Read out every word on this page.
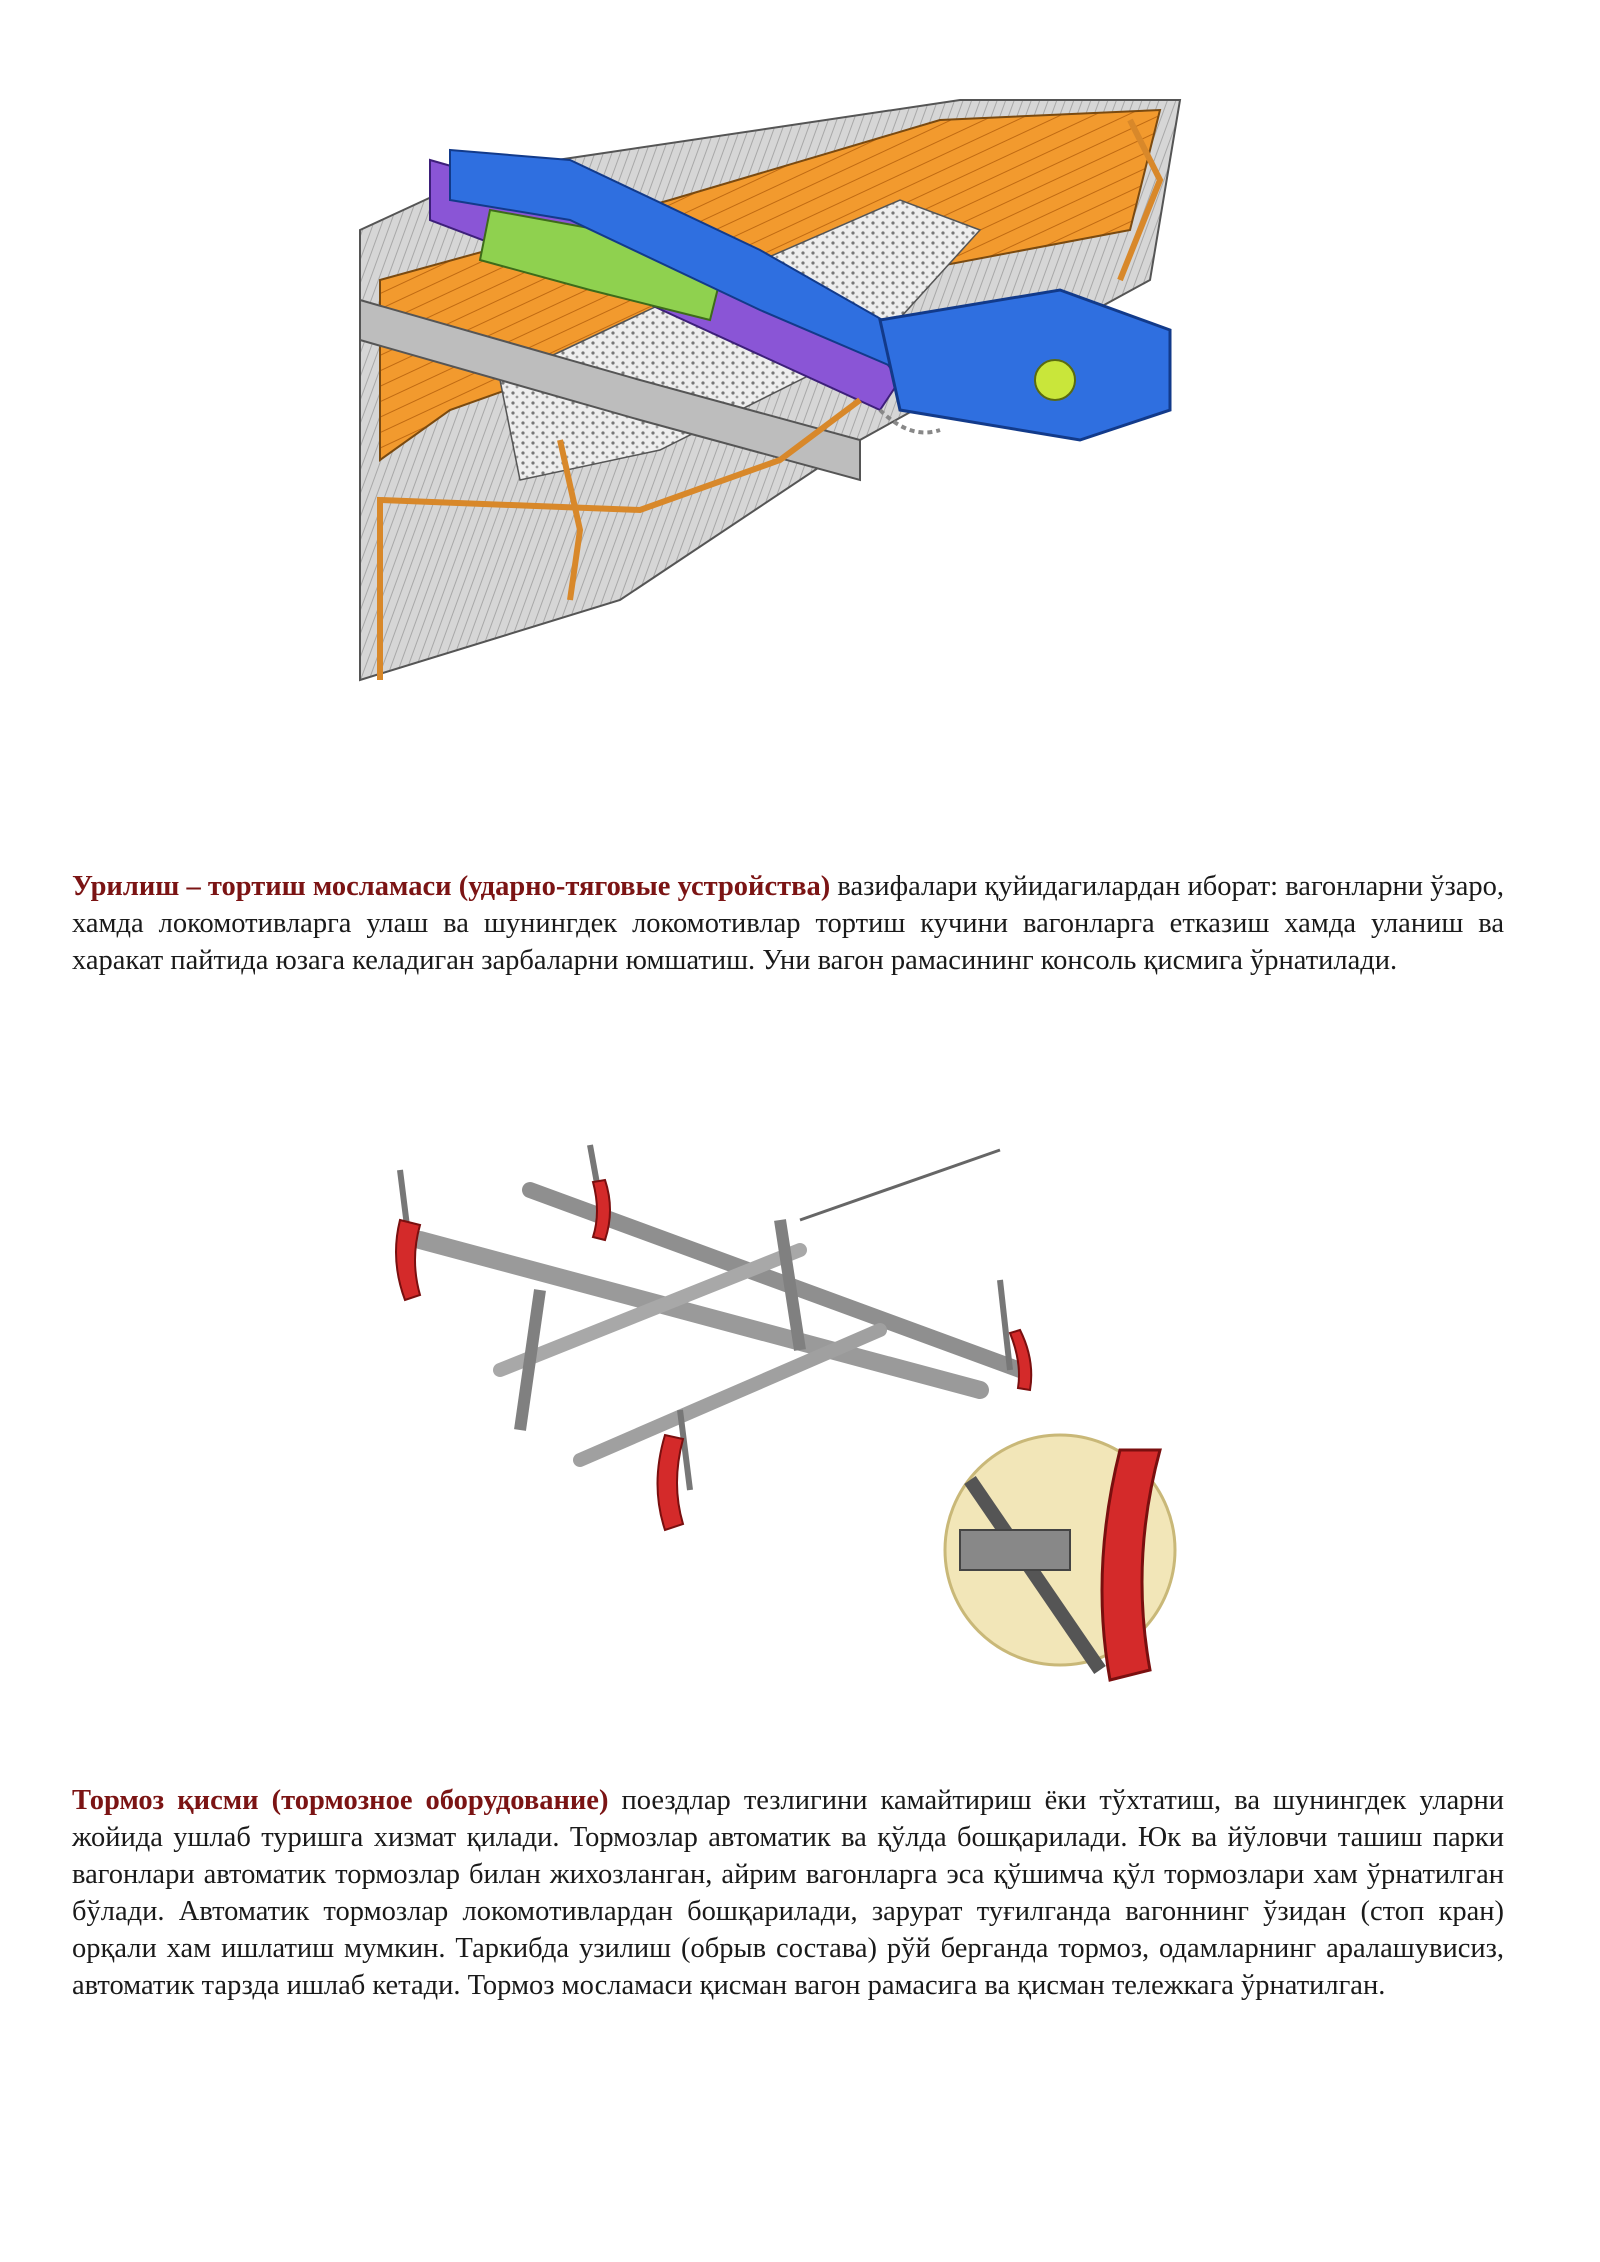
Урилиш – тортиш мосламаси (ударно-тяговые устройства) вазифалари қуйидагилардан иборат: вагонларни ўзаро, хамда локомотивларга улаш ва шунингдек локомотивлар тортиш кучини вагонларга етказиш хамда уланиш ва харакат пайтида юзага келадиган зарбаларни юмшатиш. Уни вагон рамасининг консоль қисмига ўрнатилади.

Тормоз қисми (тормозное оборудование) поездлар тезлигини камайтириш ёки тўхтатиш, ва шунингдек уларни жойида ушлаб туришга хизмат қилади. Тормозлар автоматик ва қўлда бошқарилади. Юк ва йўловчи ташиш парки вагонлари автоматик тормозлар билан жихозланган, айрим вагонларга эса қўшимча қўл тормозлари хам ўрнатилган бўлади. Автоматик тормозлар локомотивлардан бошқарилади, зарурат туғилганда вагоннинг ўзидан (стоп кран) орқали хам ишлатиш мумкин. Таркибда узилиш (обрыв состава) рўй берганда тормоз, одамларнинг аралашувисиз, автоматик тарзда ишлаб кетади. Тормоз мосламаси қисман вагон рамасига ва қисман тележкага ўрнатилган.
